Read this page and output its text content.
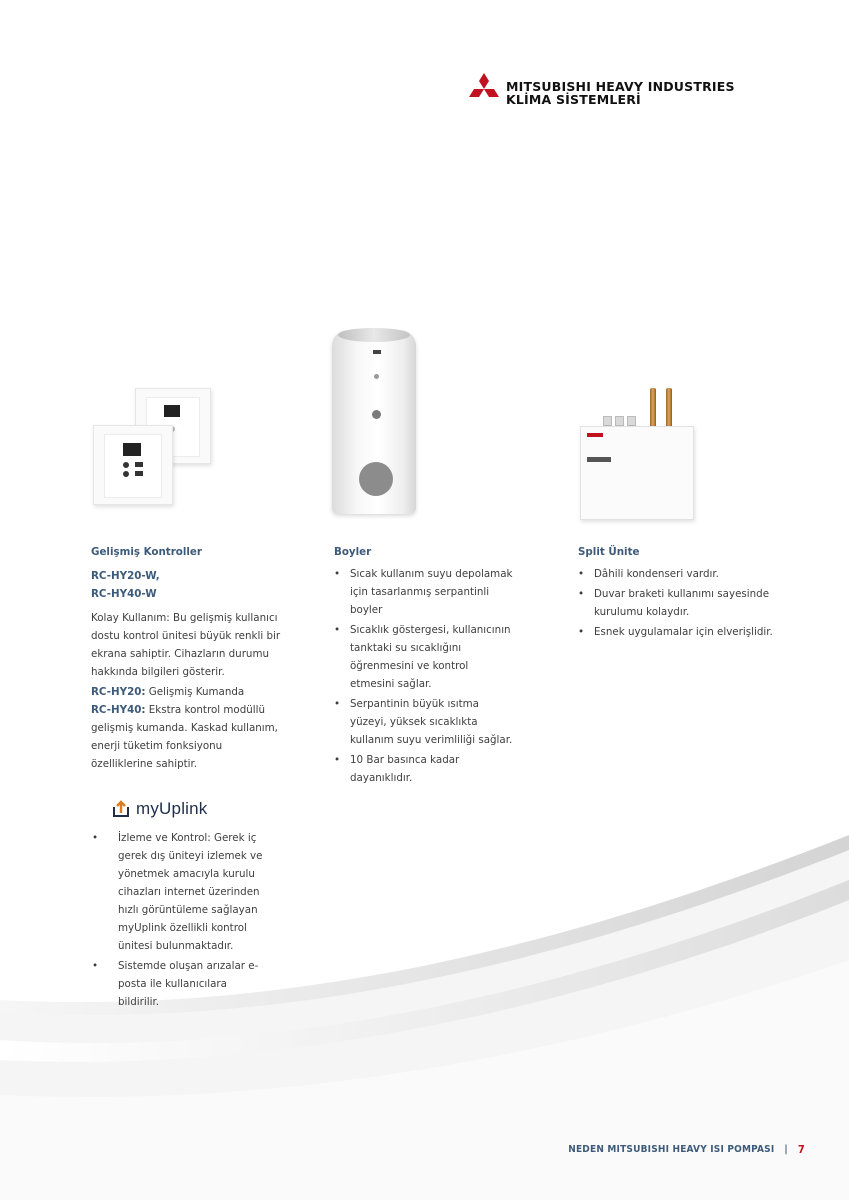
MITSUBISHI HEAVY INDUSTRIES
KLİMA SİSTEMLERİ

Gelişmiş Kontroller

RC-HY20-W,
RC-HY40-W

Kolay Kullanım: Bu gelişmiş kullanıcı dostu kontrol ünitesi büyük renkli bir ekrana sahiptir. Cihazların durumu hakkında bilgileri gösterir.

RC-HY20: Gelişmiş Kumanda

RC-HY40: Ekstra kontrol modüllü gelişmiş kumanda. Kaskad kullanım, enerji tüketim fonksiyonu özelliklerine sahiptir.

myUplink
• İzleme ve Kontrol: Gerek iç gerek dış üniteyi izlemek ve yönetmek amacıyla kurulu cihazları internet üzerinden hızlı görüntüleme sağlayan myUplink özellikli kontrol ünitesi bulunmaktadır.
• Sistemde oluşan arızalar e-posta ile kullanıcılara bildirilir.

Boyler

• Sıcak kullanım suyu depolamak için tasarlanmış serpantinli boyler
• Sıcaklık göstergesi, kullanıcının tanktaki su sıcaklığını öğrenmesini ve kontrol etmesini sağlar.
• Serpantinin büyük ısıtma yüzeyi, yüksek sıcaklıkta kullanım suyu verimliliği sağlar.
• 10 Bar basınca kadar dayanıklıdır.

Split Ünite

• Dâhili kondenseri vardır.
• Duvar braketi kullanımı sayesinde kurulumu kolaydır.
• Esnek uygulamalar için elverişlidir.
NEDEN MITSUBISHI HEAVY ISI POMPASI | 7
